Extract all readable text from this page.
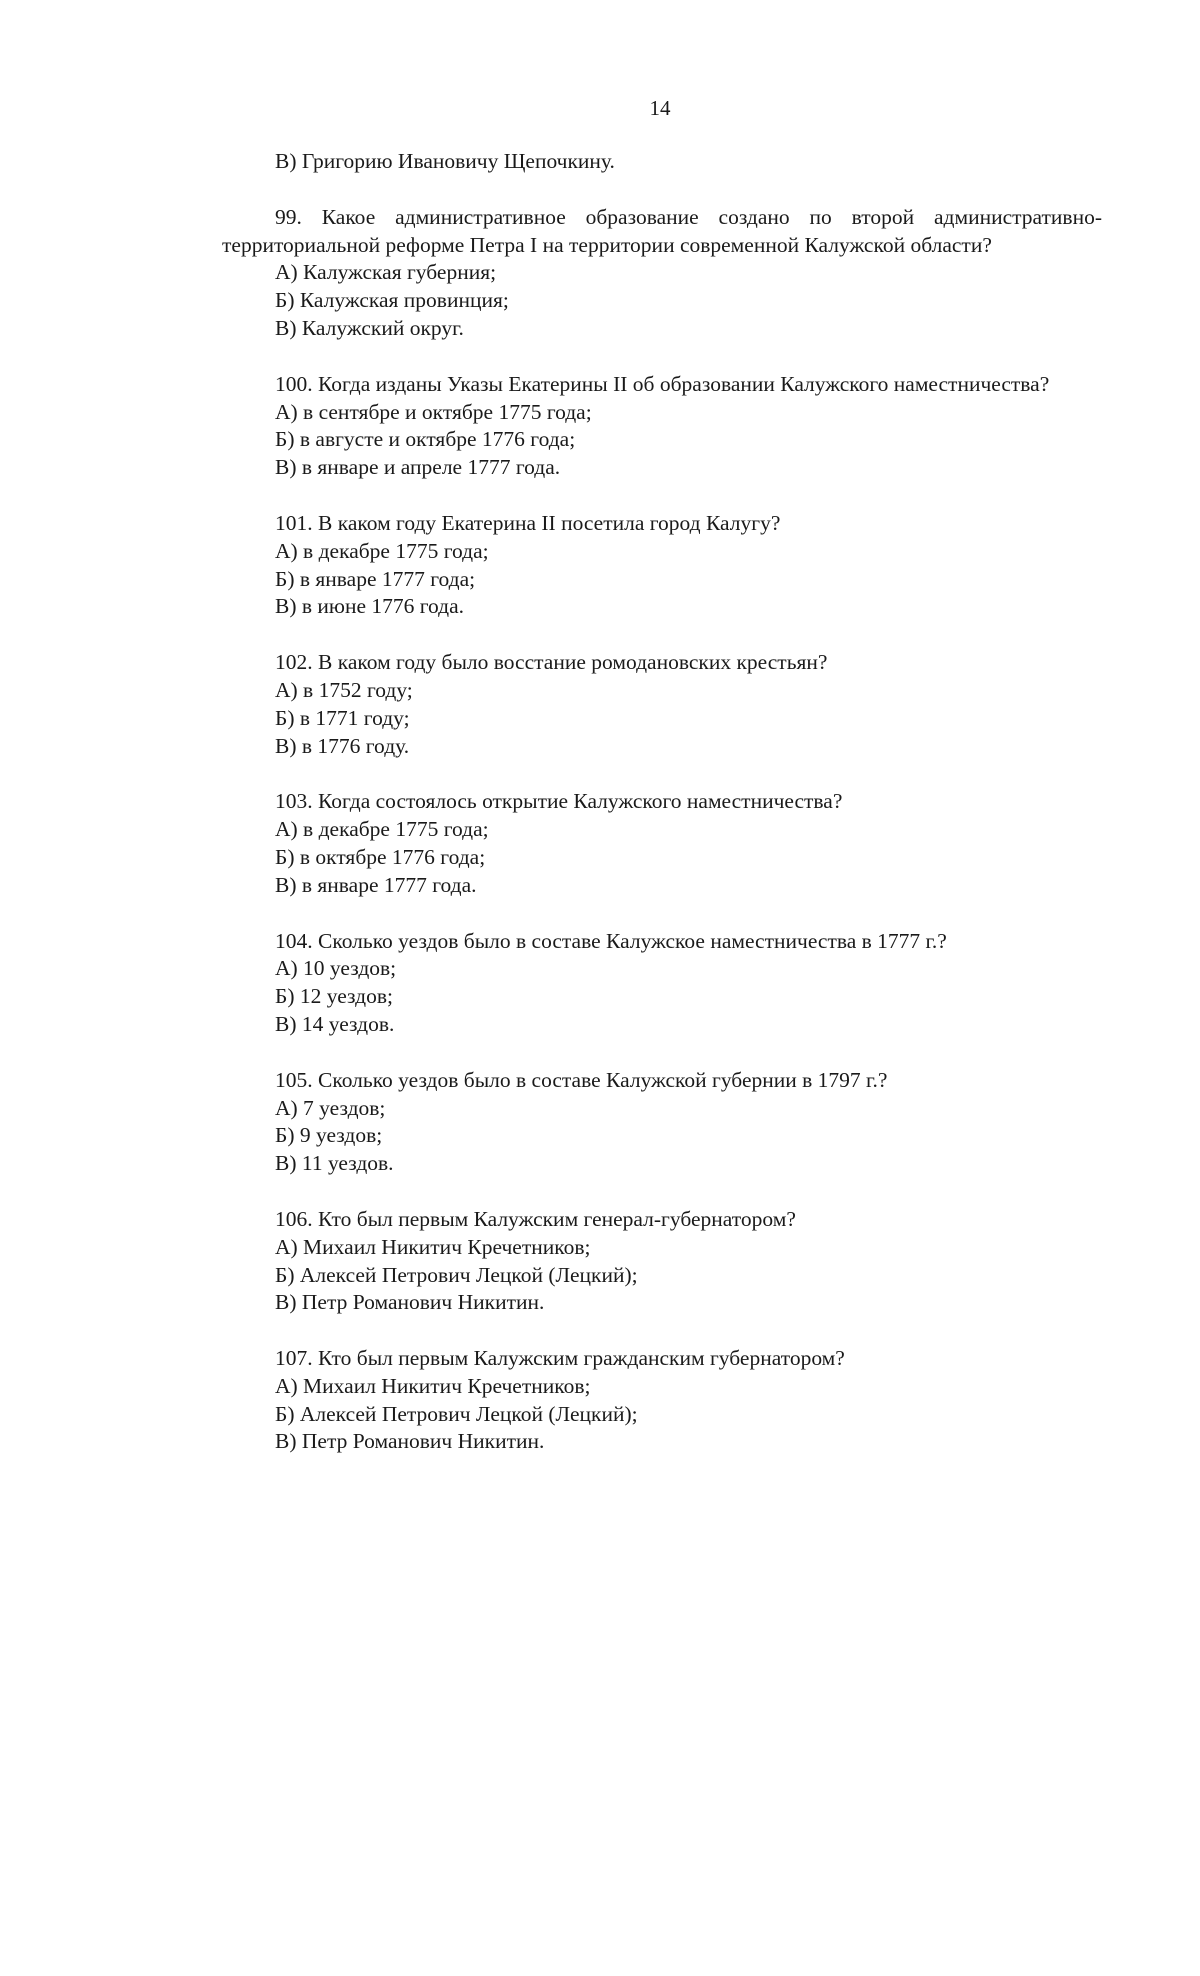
14

В) Григорию Ивановичу Щепочкину.

99. Какое административное образование создано по второй административно-территориальной реформе Петра I на территории современной Калужской области?

А) Калужская губерния;
Б) Калужская провинция;
В) Калужский округ.

100. Когда изданы Указы Екатерины II об образовании Калужского наместничества?

А) в сентябре и октябре 1775 года;
Б) в августе и октябре 1776 года;
В) в январе и апреле 1777 года.

101. В каком году Екатерина II посетила город Калугу?

А) в декабре 1775 года;
Б) в январе 1777 года;
В) в июне 1776 года.

102. В каком году было восстание ромодановских крестьян?

А) в 1752 году;
Б) в 1771 году;
В) в 1776 году.

103. Когда состоялось открытие Калужского наместничества?

А) в декабре 1775 года;
Б) в октябре 1776 года;
В) в январе 1777 года.

104. Сколько уездов было в составе Калужское наместничества в 1777 г.?

А) 10 уездов;
Б) 12 уездов;
В) 14 уездов.

105. Сколько уездов было в составе Калужской губернии в 1797 г.?

А) 7 уездов;
Б) 9 уездов;
В) 11 уездов.

106. Кто был первым Калужским генерал-губернатором?

А) Михаил Никитич Кречетников;
Б) Алексей Петрович Лецкой (Лецкий);
В) Петр Романович Никитин.

107. Кто был первым Калужским гражданским губернатором?

А) Михаил Никитич Кречетников;
Б) Алексей Петрович Лецкой (Лецкий);
В) Петр Романович Никитин.
